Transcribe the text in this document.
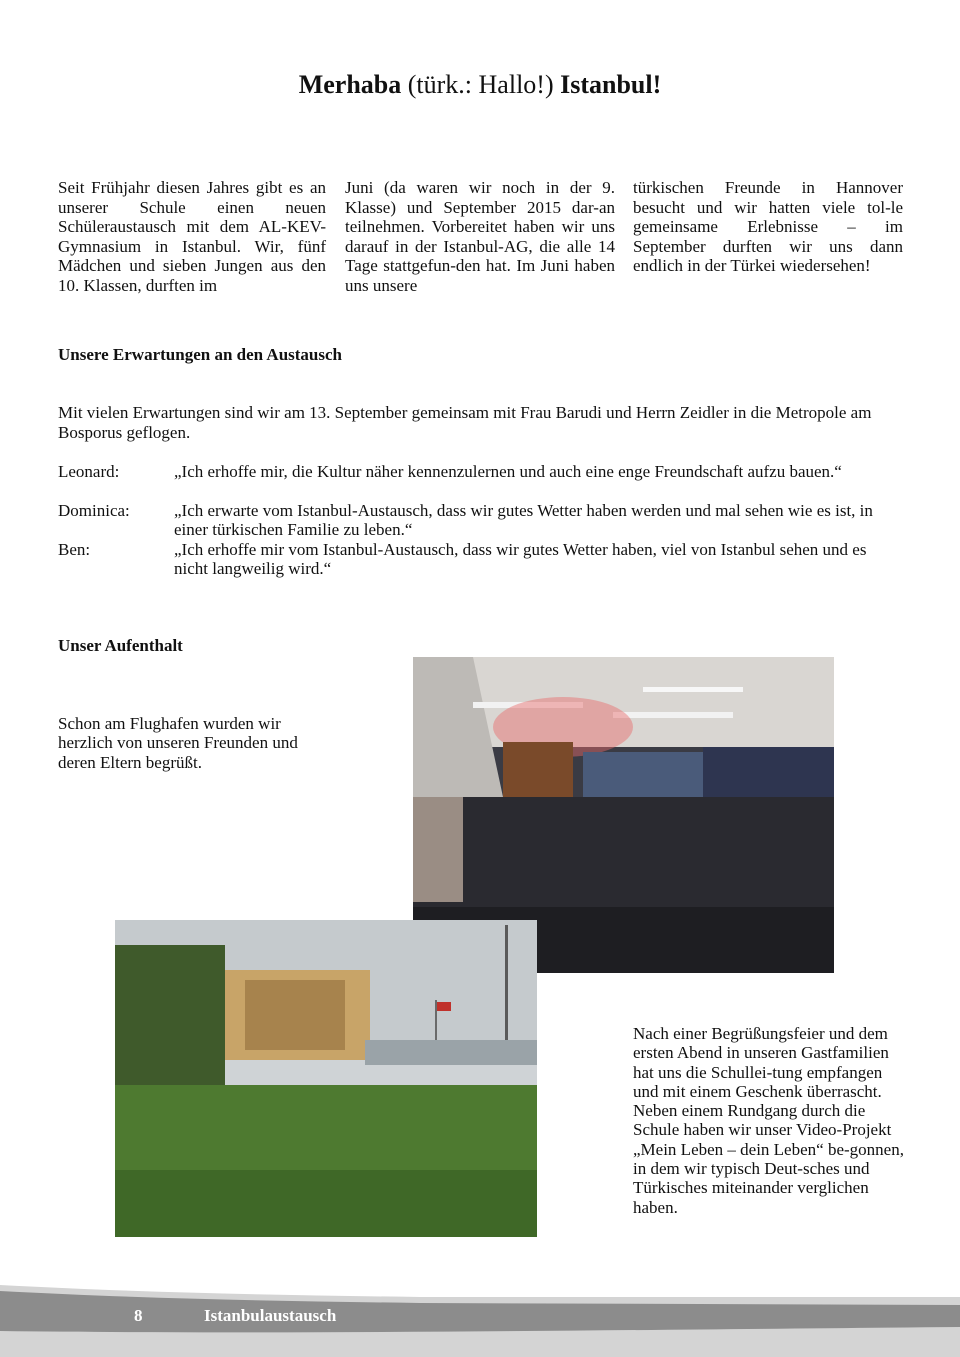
Merhaba (türk.: Hallo!) Istanbul!
Seit Frühjahr diesen Jahres gibt es an unserer Schule einen neuen Schüleraustausch mit dem AL-KEV-Gymnasium in Istanbul. Wir, fünf Mädchen und sieben Jungen aus den 10. Klassen, durften im
Juni (da waren wir noch in der 9. Klasse) und September 2015 dar-an teilnehmen. Vorbereitet haben wir uns darauf in der Istanbul-AG, die alle 14 Tage stattgefun-den hat. Im Juni haben uns unsere
türkischen Freunde in Hannover besucht und wir hatten viele tol-le gemeinsame Erlebnisse – im September durften wir uns dann endlich in der Türkei wiedersehen!
Unsere Erwartungen an den Austausch
Mit vielen Erwartungen sind wir am 13. September gemeinsam mit Frau Barudi und Herrn Zeidler in die Metropole am Bosporus geflogen.
Leonard:	„Ich erhoffe mir, die Kultur näher kennenzulernen und auch eine enge Freundschaft aufzu bauen.“
Dominica:	„Ich erwarte vom Istanbul-Austausch, dass wir gutes Wetter haben werden und mal sehen wie es ist, in einer türkischen Familie zu leben.“
Ben:	„Ich erhoffe mir vom Istanbul-Austausch, dass wir gutes Wetter haben, viel von Istanbul sehen und es nicht langweilig wird.“
Unser Aufenthalt
Schon am Flughafen wurden wir herzlich von unseren Freunden und deren Eltern begrüßt.
Nach einer Begrüßungsfeier und dem ersten Abend in unseren Gastfamilien hat uns die Schullei-tung empfangen und mit einem Geschenk überrascht. Neben einem Rundgang durch die Schule haben wir unser Video-Projekt „Mein Leben – dein Leben“ be-gonnen, in dem wir typisch Deut-sches und Türkisches miteinander verglichen haben.
8	Istanbulaustausch
